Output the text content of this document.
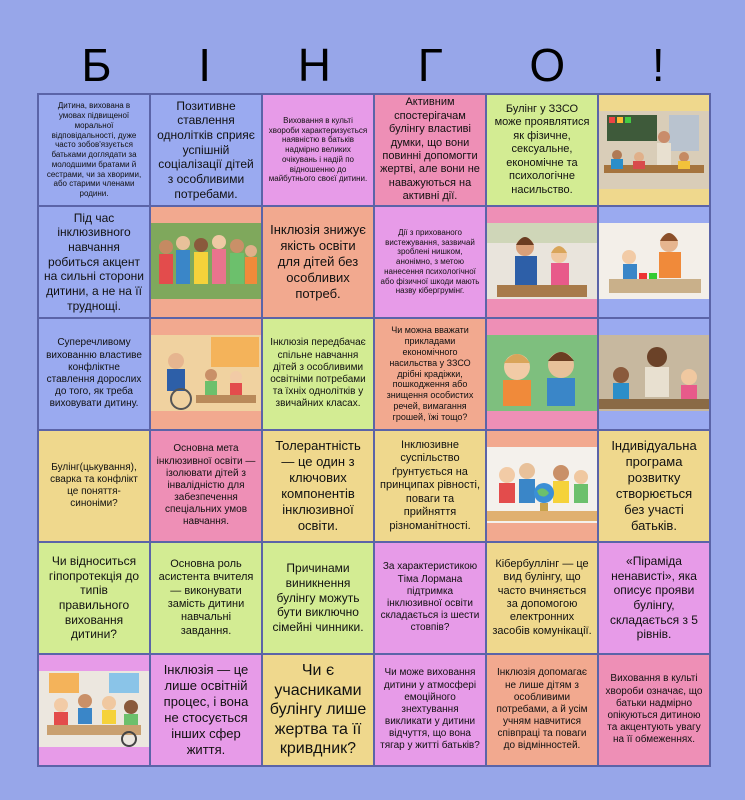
Б І Н Г О !
Дитина, вихована в умовах підвищеної моральної відповідальності, дуже часто зобов'язується батьками доглядати за молодшими братами й сестрами, чи за хворими, або старими членами родини.
Позитивне ставлення однолітків сприяє успішній соціалізації дітей з особливими потребами.
Виховання в культі хвороби характеризується наявністю в батьків надмірно великих очікувань і надій по відношенню до майбутнього своєї дитини.
Активним спостерігачам булінгу властиві думки, що вони повинні допомогти жертві, але вони не наважуються на активні дії.
Булінг у ЗЗСО може проявлятися як фізичне, сексуальне, економічне та психологічне насильство.
Під час інклюзивного навчання робиться акцент на сильні сторони дитини, а не на її труднощі.
Інклюзія знижує якість освіти для дітей без особливих потреб.
Дії з прихованого вистежування, зазвичай зроблені нишком, анонімно, з метою нанесення психологічної або фізичної шкоди мають назву кібергрумінг.
Суперечливому вихованню властиве конфліктне ставлення дорослих до того, як треба виховувати дитину.
Інклюзія передбачає спільне навчання дітей з особливими освітніми потребами та їхніх однолітків у звичайних класах.
Чи можна вважати прикладами економічного насильства у ЗЗСО дрібні крадіжки, пошкодження або знищення особистих речей, вимагання грошей, їжі тощо?
Булінг(цькування), сварка та конфлікт це поняття-синоніми?
Основна мета інклюзивної освіти — ізолювати дітей з інвалідністю для забезпечення спеціальних умов навчання.
Толерантність — це один з ключових компонентів інклюзивної освіти.
Інклюзивне суспільство ґрунтується на принципах рівності, поваги та прийняття різноманітності.
Індивідуальна програма розвитку створюється без участі батьків.
Чи відноситься гіпопротекція до типів правильного виховання дитини?
Основна роль асистента вчителя — виконувати замість дитини навчальні завдання.
Причинами виникнення булінгу можуть бути виключно сімейні чинники.
За характеристикою Тіма Лормана підтримка інклюзивної освіти складається із шести стовпів?
Кібербуллінг — це вид булінгу, що часто вчиняється за допомогою електронних засобів комунікації.
«Піраміда ненависті», яка описує прояви булінгу, складається з 5 рівнів.
Інклюзія — це лише освітній процес, і вона не стосується інших сфер життя.
Чи є учасниками булінгу лише жертва та її кривдник?
Чи може виховання дитини у атмосфері емоційного знехтування викликати у дитини відчуття, що вона тягар у житті батьків?
Інклюзія допомагає не лише дітям з особливими потребами, а й усім учням навчитися співпраці та поваги до відмінностей.
Виховання в культі хвороби означає, що батьки надмірно опікуються дитиною та акцентують увагу на її обмеженнях.
